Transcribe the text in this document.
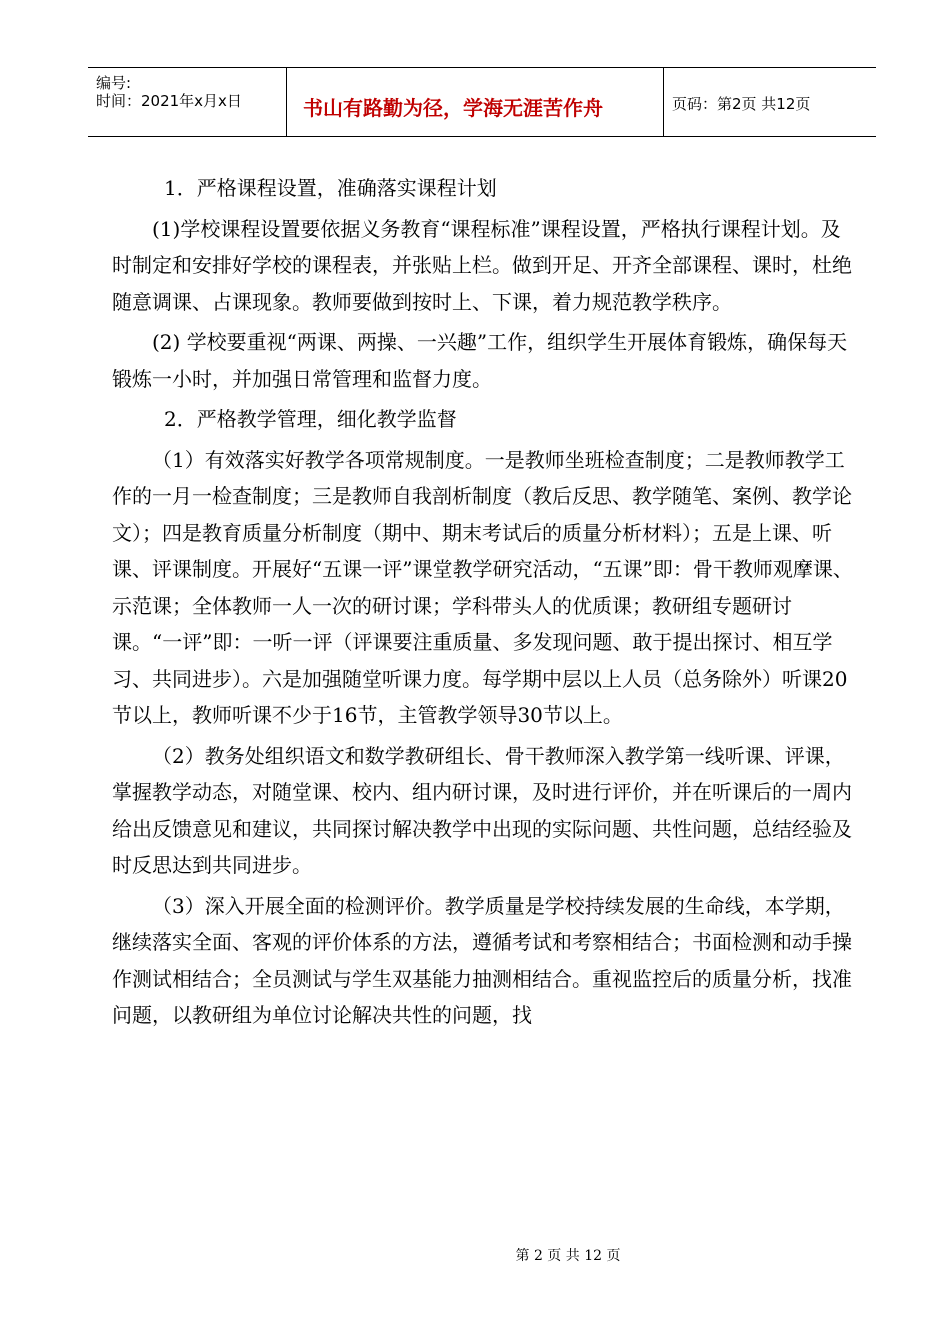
编号:
时间：2021年x月x日	书山有路勤为径，学海无涯苦作舟	页码：第2页 共12页

1．严格课程设置，准确落实课程计划

(1)学校课程设置要依据义务教育“课程标准”课程设置，严格执行课程计划。及时制定和安排好学校的课程表，并张贴上栏。做到开足、开齐全部课程、课时，杜绝随意调课、占课现象。教师要做到按时上、下课，着力规范教学秩序。

(2) 学校要重视“两课、两操、一兴趣”工作，组织学生开展体育锻炼，确保每天锻炼一小时，并加强日常管理和监督力度。

2．严格教学管理，细化教学监督

（1）有效落实好教学各项常规制度。一是教师坐班检查制度；二是教师教学工作的一月一检查制度；三是教师自我剖析制度（教后反思、教学随笔、案例、教学论文）；四是教育质量分析制度（期中、期末考试后的质量分析材料）；五是上课、听课、评课制度。开展好“五课一评”课堂教学研究活动，“五课”即：骨干教师观摩课、示范课；全体教师一人一次的研讨课；学科带头人的优质课；教研组专题研讨课。“一评”即：一听一评（评课要注重质量、多发现问题、敢于提出探讨、相互学习、共同进步）。六是加强随堂听课力度。每学期中层以上人员（总务除外）听课20节以上，教师听课不少于16节，主管教学领导30节以上。

（2）教务处组织语文和数学教研组长、骨干教师深入教学第一线听课、评课，掌握教学动态，对随堂课、校内、组内研讨课，及时进行评价，并在听课后的一周内给出反馈意见和建议，共同探讨解决教学中出现的实际问题、共性问题，总结经验及时反思达到共同进步。

（3）深入开展全面的检测评价。教学质量是学校持续发展的生命线，本学期，继续落实全面、客观的评价体系的方法，遵循考试和考察相结合；书面检测和动手操作测试相结合；全员测试与学生双基能力抽测相结合。重视监控后的质量分析，找准问题，以教研组为单位讨论解决共性的问题，找

第 2 页 共 12 页
